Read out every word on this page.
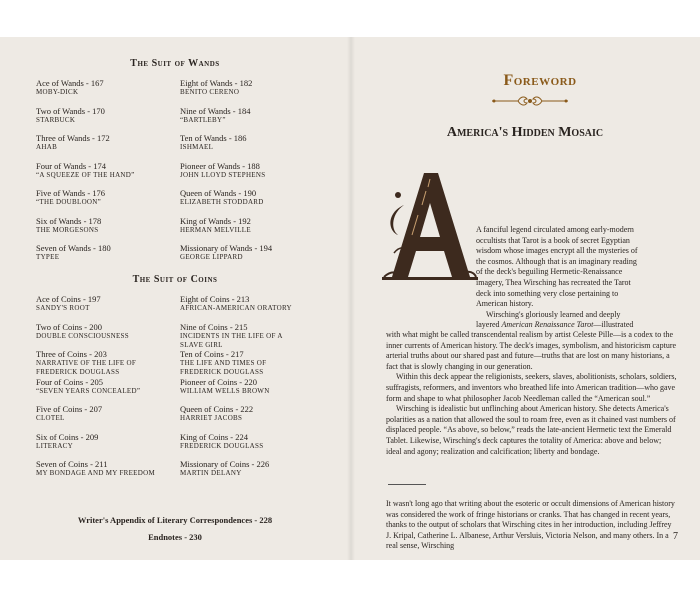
The Suit of Wands
Ace of Wands - 167
MOBY-DICK
Two of Wands - 170
STARBUCK
Three of Wands - 172
AHAB
Four of Wands - 174
“A SQUEEZE OF THE HAND”
Five of Wands - 176
“THE DOUBLOON”
Six of Wands - 178
THE MORGESONS
Seven of Wands - 180
TYPEE
Eight of Wands - 182
BENITO CERENO
Nine of Wands - 184
“BARTLEBY”
Ten of Wands - 186
ISHMAEL
Pioneer of Wands - 188
JOHN LLOYD STEPHENS
Queen of Wands - 190
ELIZABETH STODDARD
King of Wands - 192
HERMAN MELVILLE
Missionary of Wands - 194
GEORGE LIPPARD
The Suit of Coins
Ace of Coins - 197
SANDY'S ROOT
Two of Coins - 200
DOUBLE CONSCIOUSNESS
Three of Coins - 203
NARRATIVE OF THE LIFE OF
FREDERICK DOUGLASS
Four of Coins - 205
“SEVEN YEARS CONCEALED”
Five of Coins - 207
CLOTEL
Six of Coins - 209
LITERACY
Seven of Coins - 211
MY BONDAGE AND MY FREEDOM
Eight of Coins - 213
AFRICAN-AMERICAN ORATORY
Nine of Coins - 215
INCIDENTS IN THE LIFE OF A
SLAVE GIRL
Ten of Coins - 217
THE LIFE AND TIMES OF
FREDERICK DOUGLASS
Pioneer of Coins - 220
WILLIAM WELLS BROWN
Queen of Coins - 222
HARRIET JACOBS
King of Coins - 224
FREDERICK DOUGLASS
Missionary of Coins - 226
MARTIN DELANY
Writer's Appendix of Literary Correspondences - 228
Endnotes - 230
Foreword
America's Hidden Mosaic
A fanciful legend circulated among early-modern
occultists that Tarot is a book of secret Egyptian
wisdom whose images encrypt all the mysteries of
the cosmos. Although that is an imaginary reading
of the deck's beguiling Hermetic-Renaissance
imagery, Thea Wirsching has recreated the Tarot
deck into something very close pertaining to
American history.
Wirsching's gloriously learned and deeply
layered American Renaissance Tarot—illustrated

with what might be called transcendental realism by artist Celeste Pille—is a codex to the inner currents of American history. The deck's images, symbolism, and historicism capture arterial truths about our shared past and future—truths that are lost on many historians, a fact that is slowly changing in our generation.

Within this deck appear the religionists, seekers, slaves, abolitionists, scholars, soldiers, suffragists, reformers, and inventors who breathed life into American tradition—who gave form and shape to what philosopher Jacob Needleman called the “American soul.”

Wirsching is idealistic but unflinching about American history. She detects America's polarities as a nation that allowed the soul to roam free, even as it chained vast numbers of displaced people. “As above, so below,” reads the late-ancient Hermetic text the Emerald Tablet. Likewise, Wirsching's deck captures the totality of America: above and below; ideal and agony; realization and calcification; liberty and bondage.

It wasn't long ago that writing about the esoteric or occult dimensions of American history was considered the work of fringe historians or cranks. That has changed in recent years, thanks to the output of scholars that Wirsching cites in her introduction, including Jeffrey J. Kripal, Catherine L. Albanese, Arthur Versluis, Victoria Nelson, and many others. In a real sense, Wirsching

7
